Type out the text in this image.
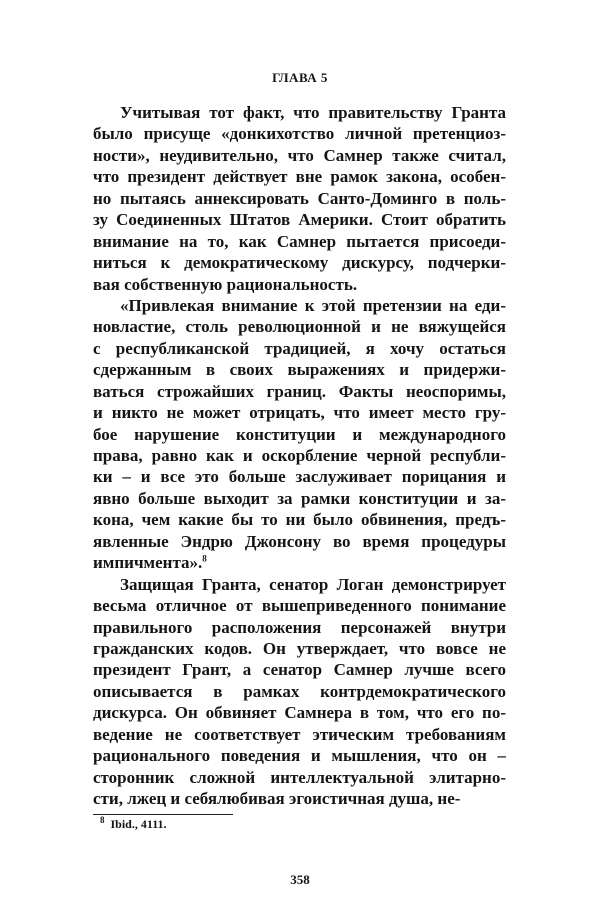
ГЛАВА 5
Учитывая тот факт, что правительству Гранта
было присуще «донкихотство личной претенциоз-
ности», неудивительно, что Самнер также считал,
что президент действует вне рамок закона, особен-
но пытаясь аннексировать Санто-Доминго в поль-
зу Соединенных Штатов Америки. Стоит обратить
внимание на то, как Самнер пытается присоеди-
ниться к демократическому дискурсу, подчерки-
вая собственную рациональность.
«Привлекая внимание к этой претензии на еди-
новластие, столь революционной и не вяжущейся
с республиканской традицией, я хочу остаться
сдержанным в своих выражениях и придержи-
ваться строжайших границ. Факты неоспоримы,
и никто не может отрицать, что имеет место гру-
бое нарушение конституции и международного
права, равно как и оскорбление черной республи-
ки – и все это больше заслуживает порицания и
явно больше выходит за рамки конституции и за-
кона, чем какие бы то ни было обвинения, предъ-
явленные Эндрю Джонсону во время процедуры
импичмента».$^8$
Защищая Гранта, сенатор Логан демонстрирует
весьма отличное от вышеприведенного понимание
правильного расположения персонажей внутри
гражданских кодов. Он утверждает, что вовсе не
президент Грант, а сенатор Самнер лучше всего
описывается в рамках контрдемократического
дискурса. Он обвиняет Самнера в том, что его по-
ведение не соответствует этическим требованиям
рационального поведения и мышления, что он –
сторонник сложной интеллектуальной элитарно-
сти, лжец и себялюбивая эгоистичная душа, не-
$^8$ Ibid., 4111.
358
